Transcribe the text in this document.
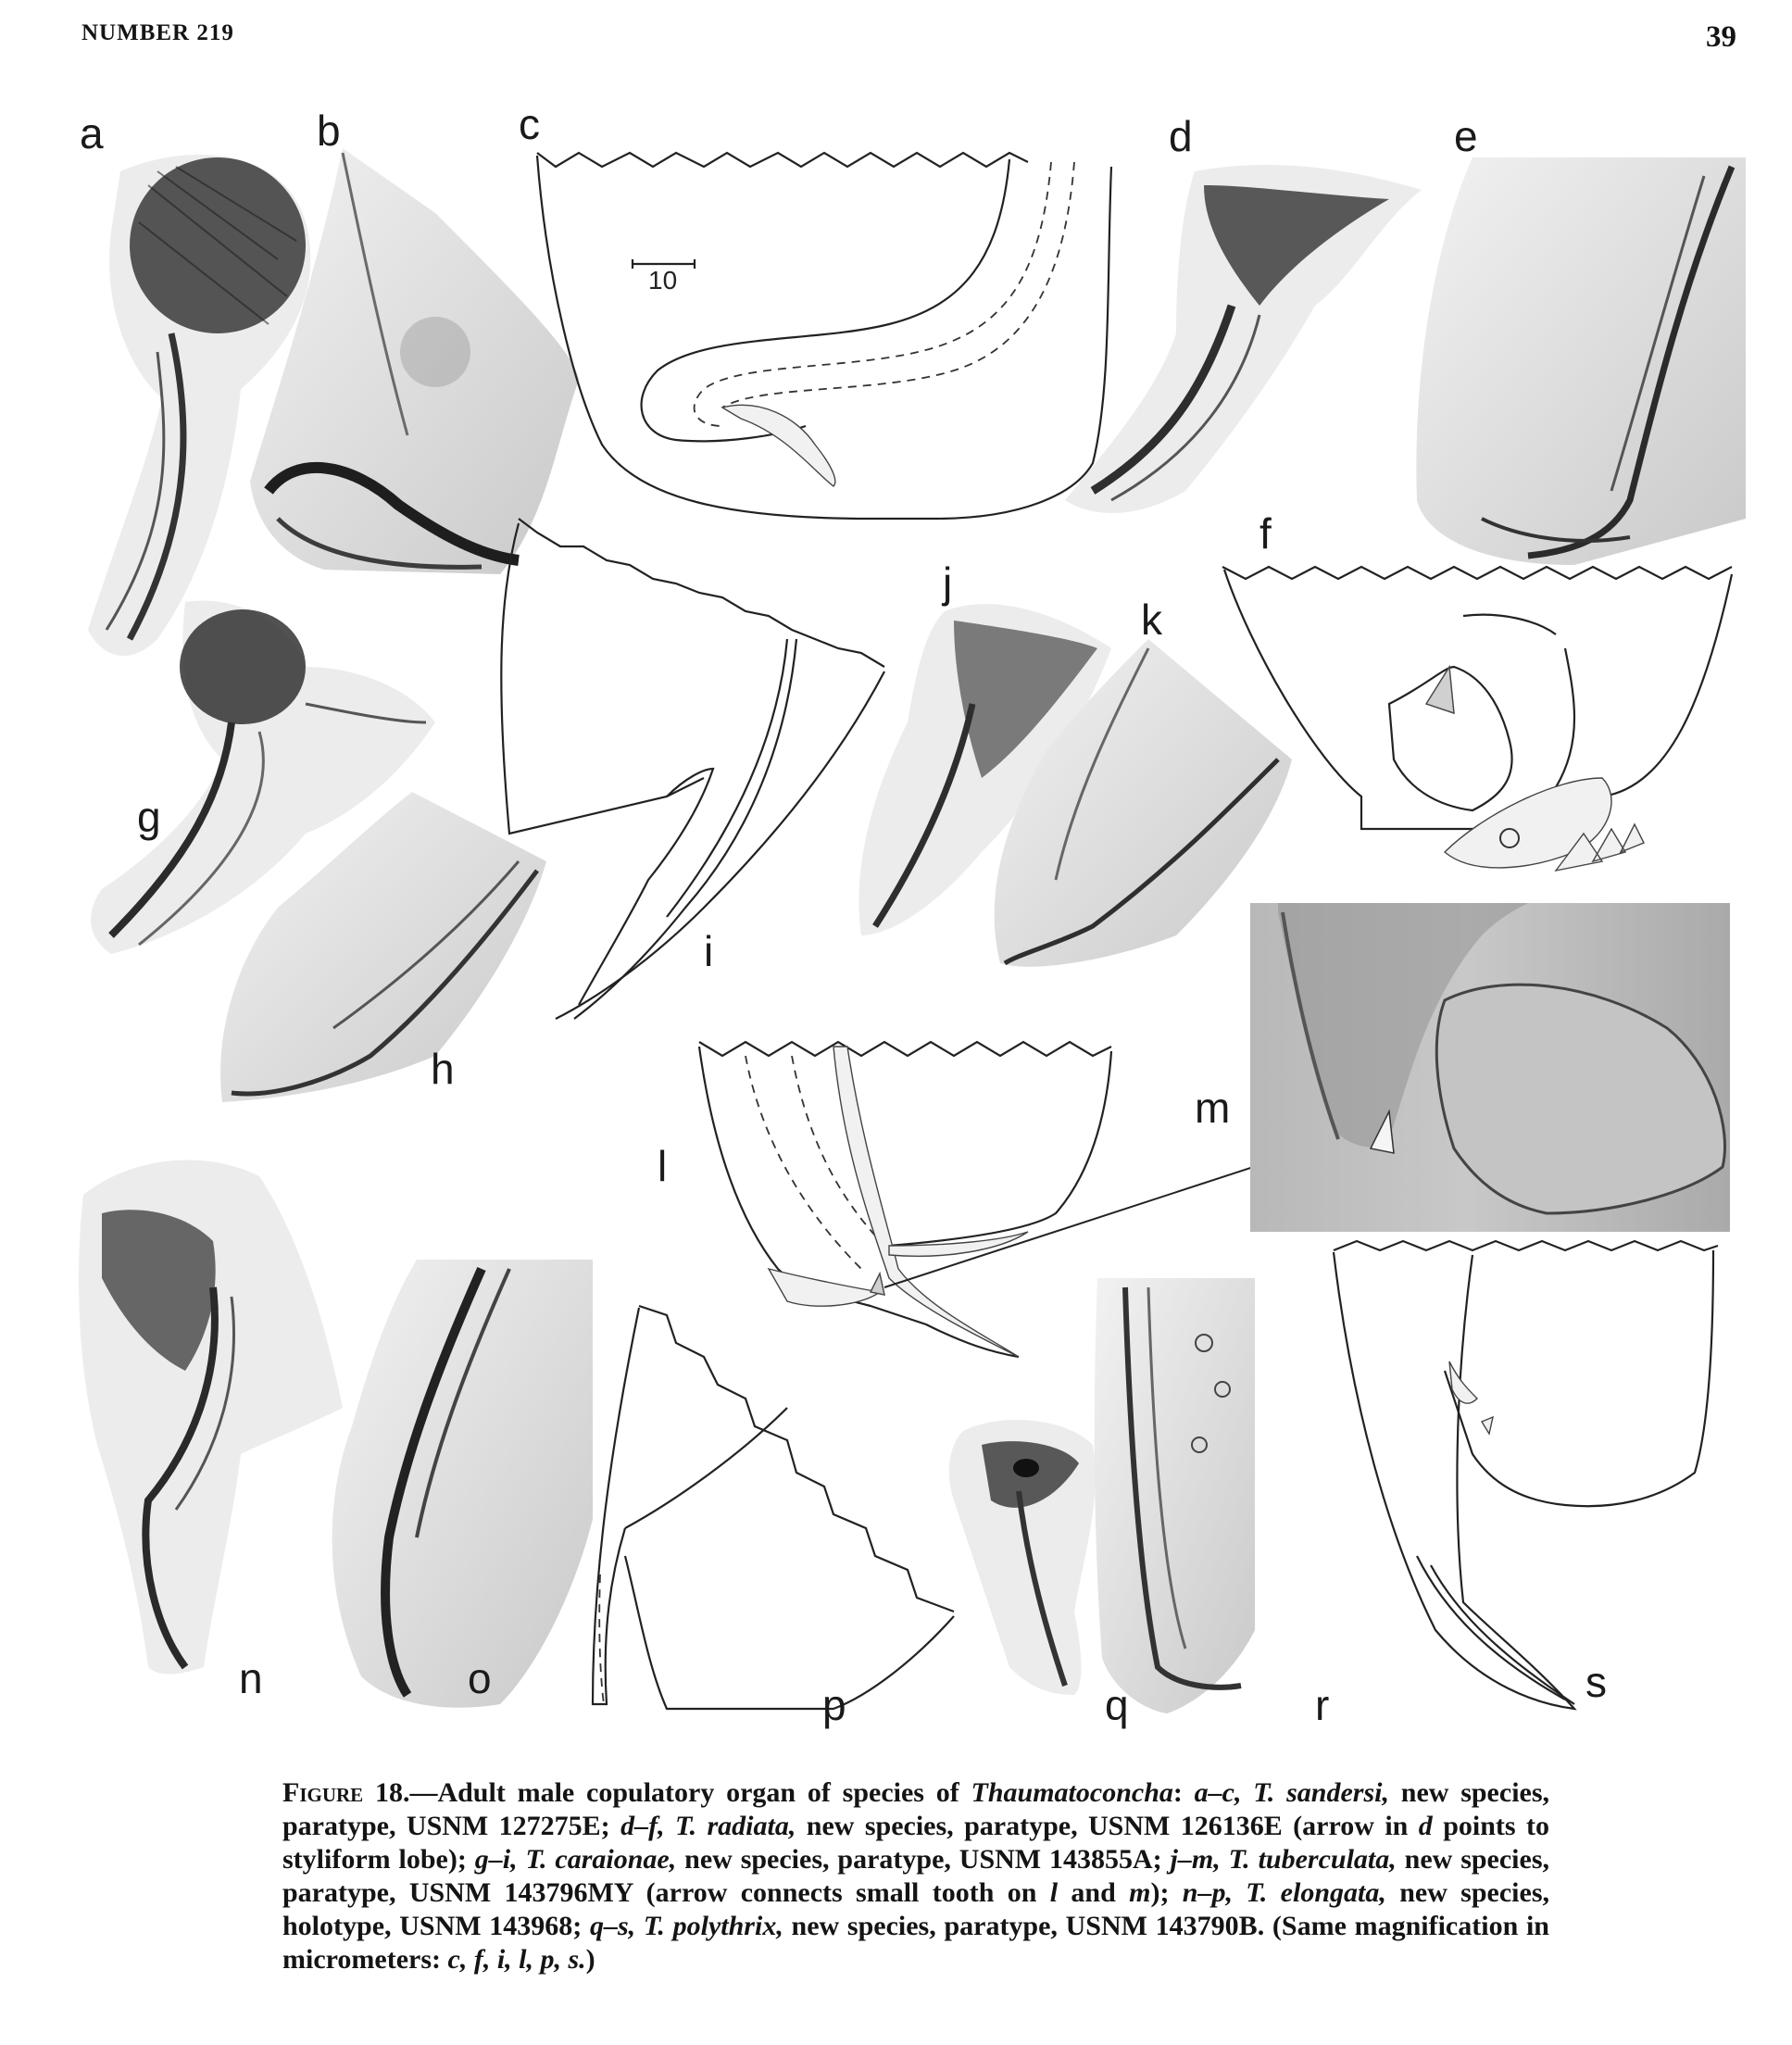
NUMBER 219	39
10
a	b	c	d	e
f
g
h
i
j
k
l
m
n	o
p	q	r	s
Figure 18.—Adult male copulatory organ of species of Thaumatoconcha: a–c, T. sandersi, new species, paratype, USNM 127275E; d–f, T. radiata, new species, paratype, USNM 126136E (arrow in d points to styliform lobe); g–i, T. caraionae, new species, paratype, USNM 143855A; j–m, T. tuberculata, new species, paratype, USNM 143796MY (arrow connects small tooth on l and m); n–p, T. elongata, new species, holotype, USNM 143968; q–s, T. polythrix, new species, paratype, USNM 143790B. (Same magnification in micrometers: c, f, i, l, p, s.)
